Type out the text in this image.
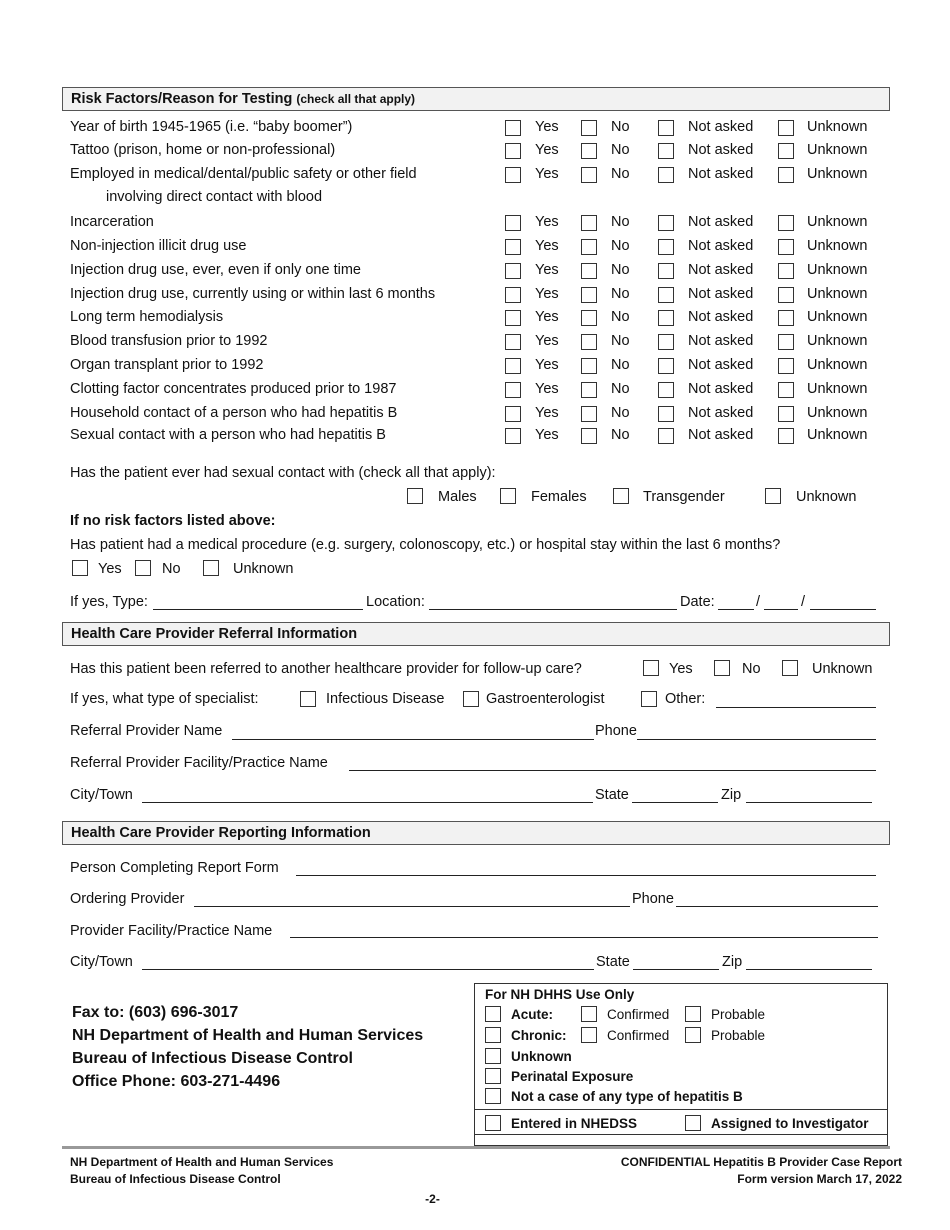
Risk Factors/Reason for Testing (check all that apply)
Year of birth 1945-1965 (i.e. “baby boomer”)	Yes	No	Not asked	Unknown
Tattoo (prison, home or non-professional)	Yes	No	Not asked	Unknown
Employed in medical/dental/public safety or other field
involving direct contact with blood
Yes	No	Not asked	Unknown
Incarceration	Yes	No	Not asked	Unknown
Non-injection illicit drug use	Yes	No	Not asked	Unknown
Injection drug use, ever, even if only one time	Yes	No	Not asked	Unknown
Injection drug use, currently using or within last 6 months	Yes	No	Not asked	Unknown
Long term hemodialysis	Yes	No	Not asked	Unknown
Blood transfusion prior to 1992	Yes	No	Not asked	Unknown
Organ transplant prior to 1992	Yes	No	Not asked	Unknown
Clotting factor concentrates produced prior to 1987	Yes	No	Not asked	Unknown
Household contact of a person who had hepatitis B	Yes	No	Not asked	Unknown
Sexual contact with a person who had hepatitis B	Yes	No	Not asked	Unknown
Has the patient ever had sexual contact with (check all that apply):
Males	Females	Transgender	Unknown
If no risk factors listed above:
Has patient had a medical procedure (e.g. surgery, colonoscopy, etc.) or hospital stay within the last 6 months?
Yes	No	Unknown
If yes, Type:	Location:	Date:	/	/
Health Care Provider Referral Information
Has this patient been referred to another healthcare provider for follow-up care?	Yes	No	Unknown
If yes, what type of specialist:	Infectious Disease	Gastroenterologist	Other:
Referral Provider Name	Phone
Referral Provider Facility/Practice Name
City/Town	State	Zip
Health Care Provider Reporting Information
Person Completing Report Form
Ordering Provider	Phone
Provider Facility/Practice Name
City/Town	State	Zip
Fax to: (603) 696-3017
NH Department of Health and Human Services
Bureau of Infectious Disease Control
Office Phone: 603-271-4496
For NH DHHS Use Only
Acute:	Confirmed	Probable
Chronic:	Confirmed	Probable
Unknown
Perinatal Exposure
Not a case of any type of hepatitis B
Entered in NHEDSS	Assigned to Investigator
NH Department of Health and Human Services
Bureau of Infectious Disease Control
CONFIDENTIAL Hepatitis B Provider Case Report
Form version March 17, 2022
-2-
